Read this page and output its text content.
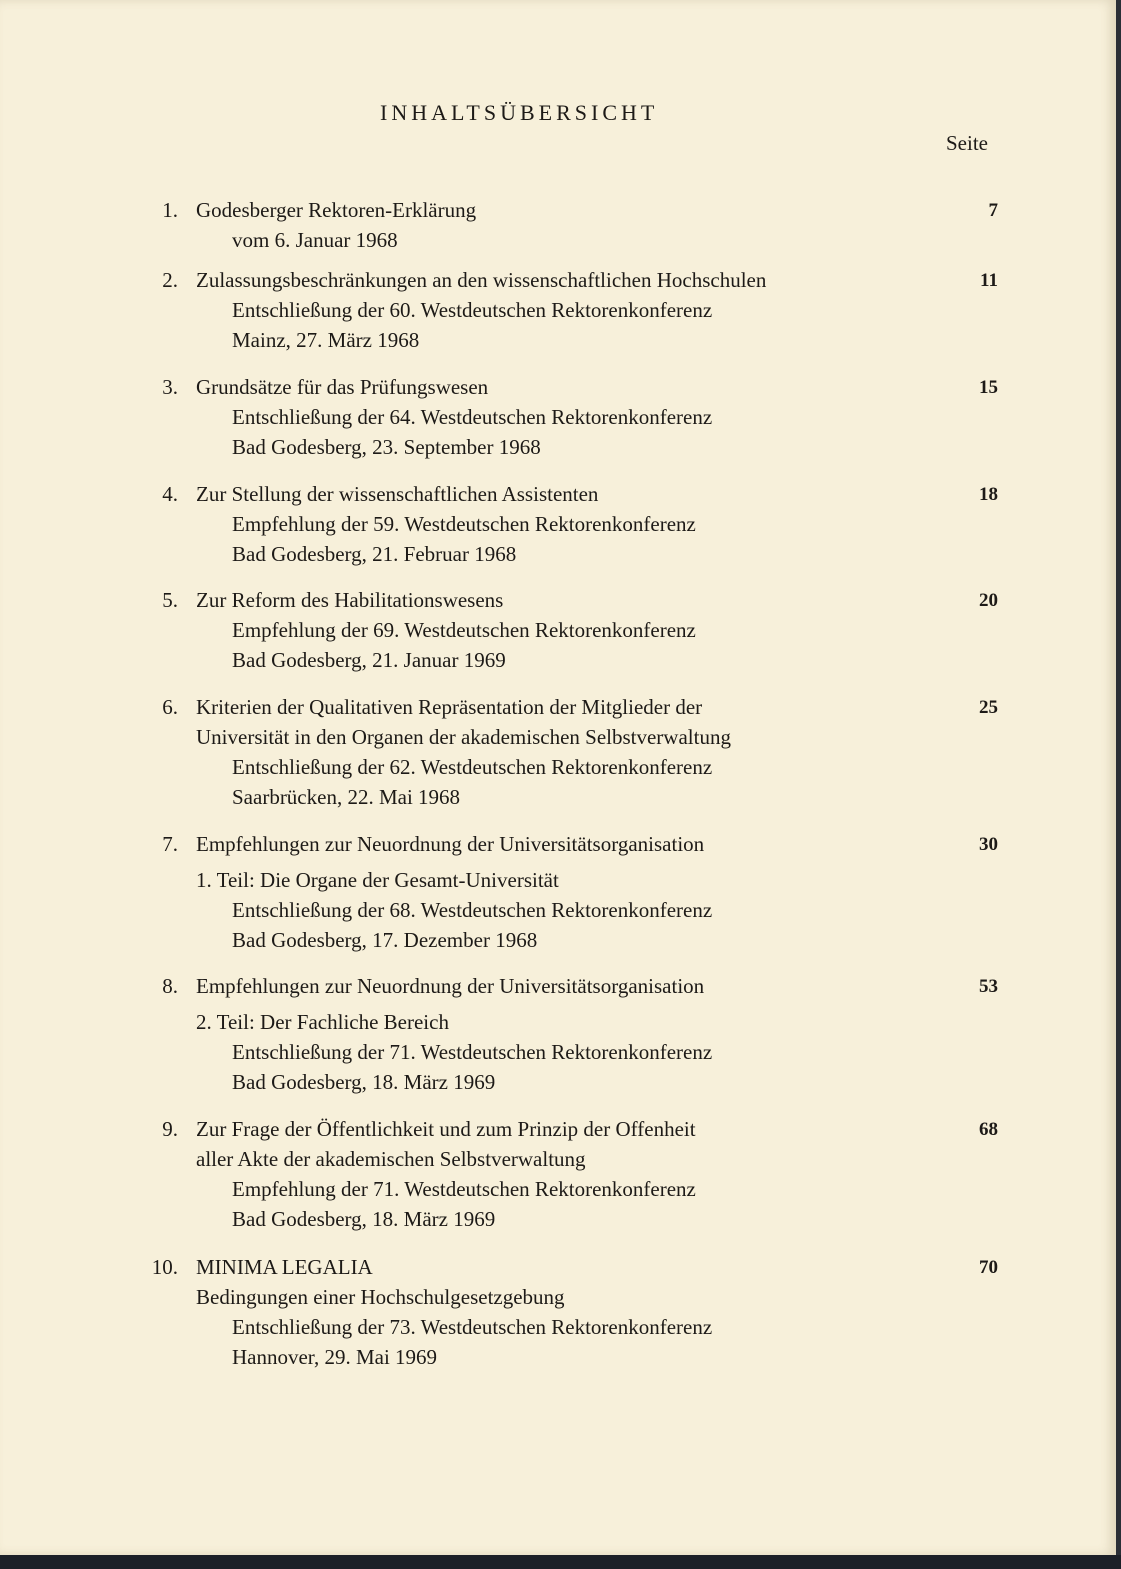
INHALTSÜBERSICHT
Seite
1.	7
Godesberger Rektoren-Erklärung
vom 6. Januar 1968
2.	11
Zulassungsbeschränkungen an den wissenschaftlichen Hochschulen
Entschließung der 60. Westdeutschen Rektorenkonferenz
Mainz, 27. März 1968
3.	15
Grundsätze für das Prüfungswesen
Entschließung der 64. Westdeutschen Rektorenkonferenz
Bad Godesberg, 23. September 1968
4.	18
Zur Stellung der wissenschaftlichen Assistenten
Empfehlung der 59. Westdeutschen Rektorenkonferenz
Bad Godesberg, 21. Februar 1968
5.	20
Zur Reform des Habilitationswesens
Empfehlung der 69. Westdeutschen Rektorenkonferenz
Bad Godesberg, 21. Januar 1969
6.	25
Kriterien der Qualitativen Repräsentation der Mitglieder der
Universität in den Organen der akademischen Selbstverwaltung
Entschließung der 62. Westdeutschen Rektorenkonferenz
Saarbrücken, 22. Mai 1968
7.	30
Empfehlungen zur Neuordnung der Universitätsorganisation
1. Teil: Die Organe der Gesamt-Universität
Entschließung der 68. Westdeutschen Rektorenkonferenz
Bad Godesberg, 17. Dezember 1968
8.	53
Empfehlungen zur Neuordnung der Universitätsorganisation
2. Teil: Der Fachliche Bereich
Entschließung der 71. Westdeutschen Rektorenkonferenz
Bad Godesberg, 18. März 1969
9.	68
Zur Frage der Öffentlichkeit und zum Prinzip der Offenheit
aller Akte der akademischen Selbstverwaltung
Empfehlung der 71. Westdeutschen Rektorenkonferenz
Bad Godesberg, 18. März 1969
10.	70
MINIMA LEGALIA
Bedingungen einer Hochschulgesetzgebung
Entschließung der 73. Westdeutschen Rektorenkonferenz
Hannover, 29. Mai 1969
